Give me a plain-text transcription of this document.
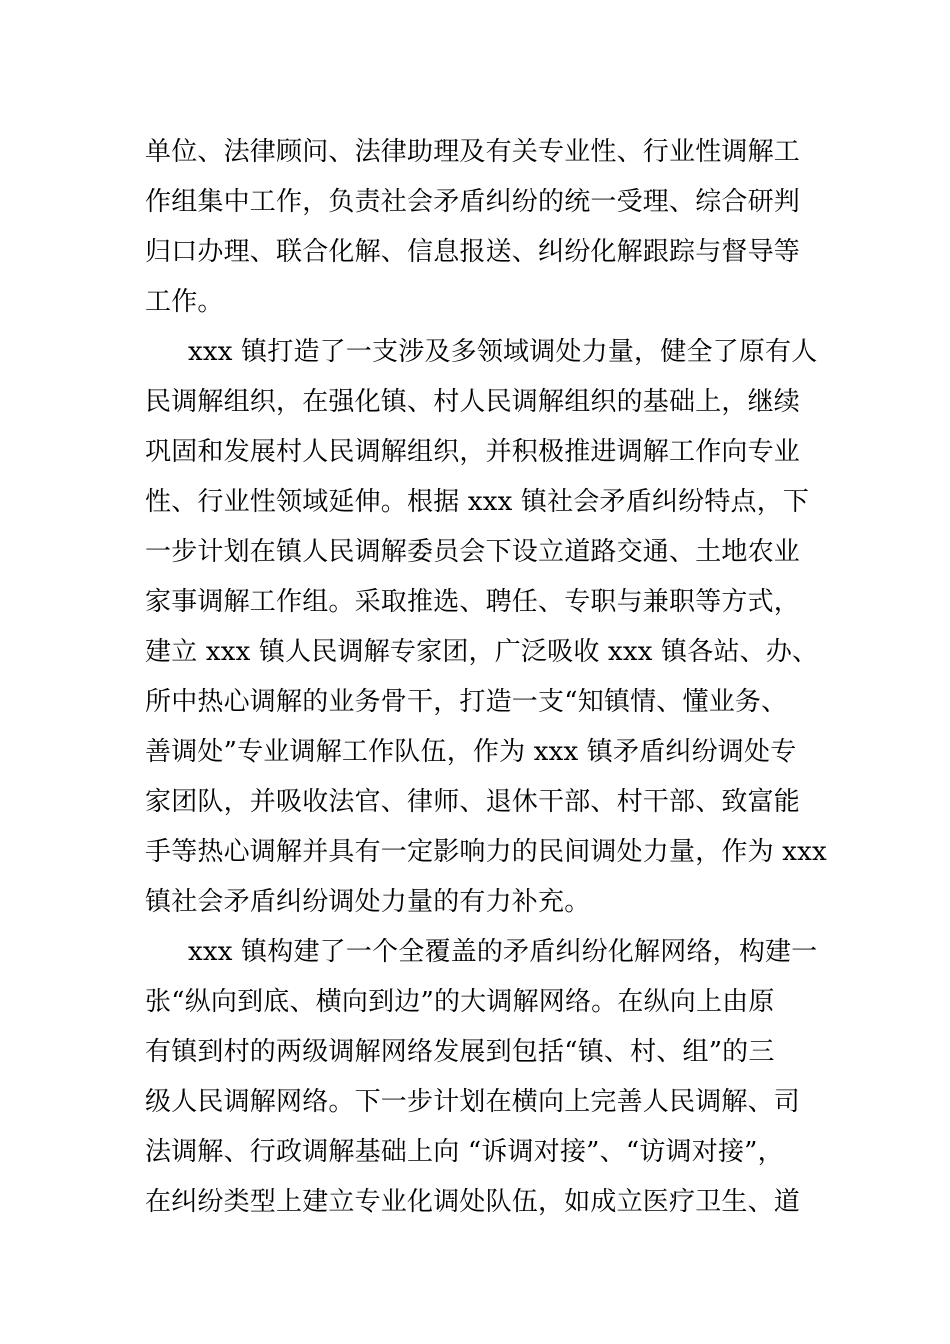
单位、法律顾问、法律助理及有关专业性、行业性调解工
作组集中工作，负责社会矛盾纠纷的统一受理、综合研判
归口办理、联合化解、信息报送、纠纷化解跟踪与督导等
工作。
xxx 镇打造了一支涉及多领域调处力量，健全了原有人
民调解组织，在强化镇、村人民调解组织的基础上，继续
巩固和发展村人民调解组织，并积极推进调解工作向专业
性、行业性领域延伸。根据 xxx 镇社会矛盾纠纷特点，下
一步计划在镇人民调解委员会下设立道路交通、土地农业
家事调解工作组。采取推选、聘任、专职与兼职等方式，
建立 xxx 镇人民调解专家团，广泛吸收 xxx 镇各站、办、
所中热心调解的业务骨干，打造一支“知镇情、懂业务、
善调处”专业调解工作队伍，作为 xxx 镇矛盾纠纷调处专
家团队，并吸收法官、律师、退休干部、村干部、致富能
手等热心调解并具有一定影响力的民间调处力量，作为 xxx
镇社会矛盾纠纷调处力量的有力补充。
xxx 镇构建了一个全覆盖的矛盾纠纷化解网络，构建一
张“纵向到底、横向到边”的大调解网络。在纵向上由原
有镇到村的两级调解网络发展到包括“镇、村、组”的三
级人民调解网络。下一步计划在横向上完善人民调解、司
法调解、行政调解基础上向 “诉调对接”、“访调对接”，
在纠纷类型上建立专业化调处队伍，如成立医疗卫生、道
